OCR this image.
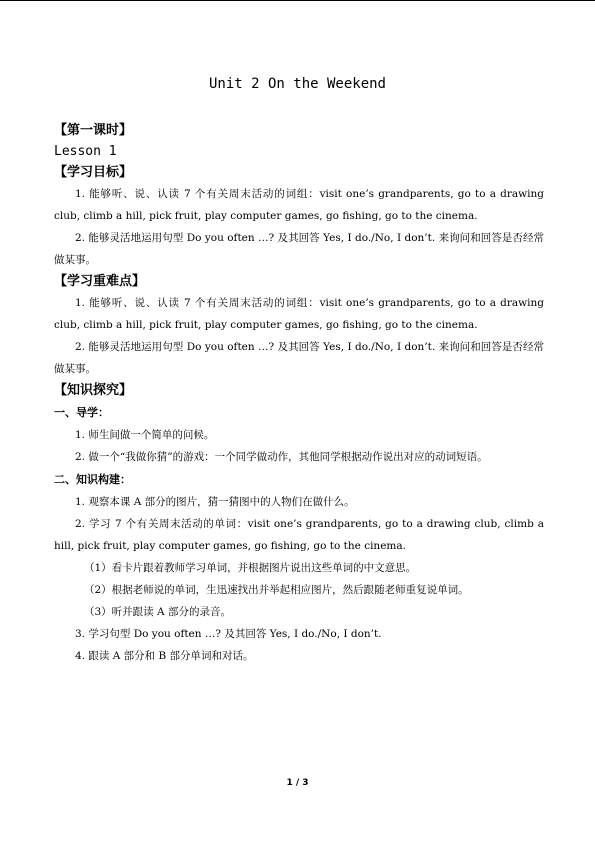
Unit 2 On the Weekend
【第一课时】
Lesson 1
【学习目标】

1. 能够听、说、认读 7 个有关周末活动的词组：visit one’s grandparents, go to a drawing club, climb a hill, pick fruit, play computer games, go fishing, go to the cinema.

2. 能够灵活地运用句型 Do you often …? 及其回答 Yes, I do./No, I don’t. 来询问和回答是否经常做某事。

【学习重难点】

1. 能够听、说、认读 7 个有关周末活动的词组：visit one’s grandparents, go to a drawing club, climb a hill, pick fruit, play computer games, go fishing, go to the cinema.

2. 能够灵活地运用句型 Do you often …? 及其回答 Yes, I do./No, I don’t. 来询问和回答是否经常做某事。

【知识探究】
一、导学：

1. 师生间做一个简单的问候。

2. 做一个“我做你猜”的游戏：一个同学做动作，其他同学根据动作说出对应的动词短语。

二、知识构建：

1. 观察本课 A 部分的图片，猜一猜图中的人物们在做什么。

2. 学习 7 个有关周末活动的单词：visit one’s grandparents, go to a drawing club, climb a hill, pick fruit, play computer games, go fishing, go to the cinema.

（1）看卡片跟着教师学习单词，并根据图片说出这些单词的中文意思。

（2）根据老师说的单词，生迅速找出并举起相应图片，然后跟随老师重复说单词。

（3）听并跟读 A 部分的录音。

3. 学习句型 Do you often …? 及其回答 Yes, I do./No, I don’t.

4. 跟读 A 部分和 B 部分单词和对话。

1 / 3
